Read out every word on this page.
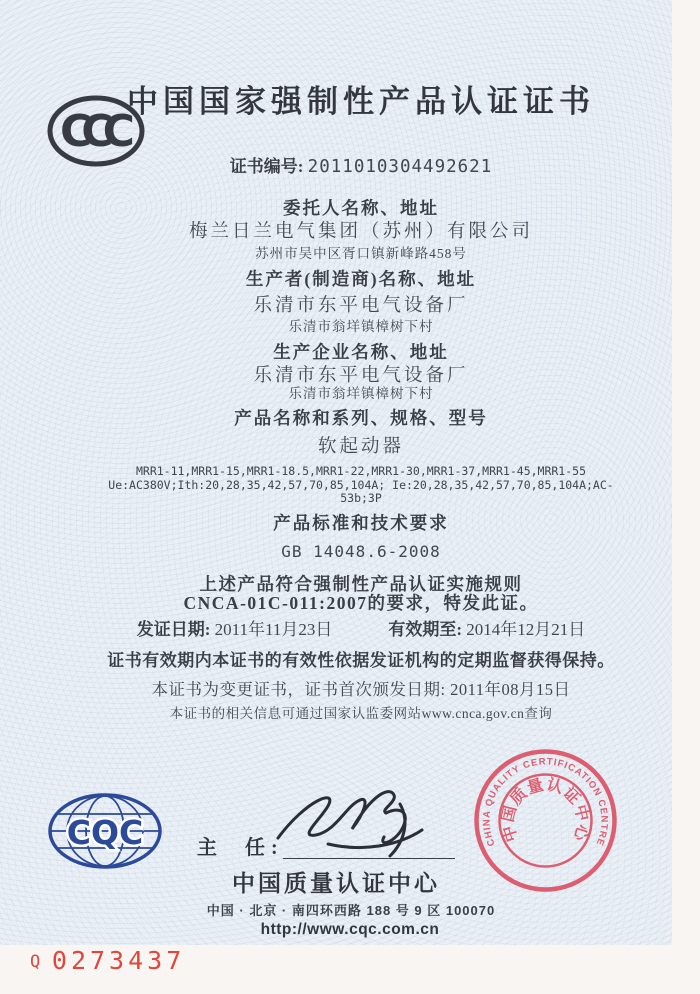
CCC
中国国家强制性产品认证证书
证书编号: 2011010304492621
委托人名称、地址
梅兰日兰电气集团（苏州）有限公司
苏州市吴中区胥口镇新峰路458号
生产者(制造商)名称、地址
乐清市东平电气设备厂
乐清市翁垟镇樟树下村
生产企业名称、地址
乐清市东平电气设备厂
乐清市翁垟镇樟树下村
产品名称和系列、规格、型号
软起动器
MRR1-11,MRR1-15,MRR1-18.5,MRR1-22,MRR1-30,MRR1-37,MRR1-45,MRR1-55
Ue:AC380V;Ith:20,28,35,42,57,70,85,104A; Ie:20,28,35,42,57,70,85,104A;AC-
53b;3P
产品标准和技术要求
GB 14048.6-2008
上述产品符合强制性产品认证实施规则
CNCA-01C-011:2007的要求，特发此证。
发证日期: 2011年11月23日	有效期至: 2014年12月21日
证书有效期内本证书的有效性依据发证机构的定期监督获得保持。
本证书为变更证书，证书首次颁发日期: 2011年08月15日
本证书的相关信息可通过国家认监委网站www.cnca.gov.cn查询
CQC	主  任:
中国质量认证中心
中国 · 北京 · 南四环西路 188 号 9 区 100070
http://www.cqc.com.cn
CHINA QUALITY CERTIFICATION CENTRE
中国质量认证中心
Q 0273437
